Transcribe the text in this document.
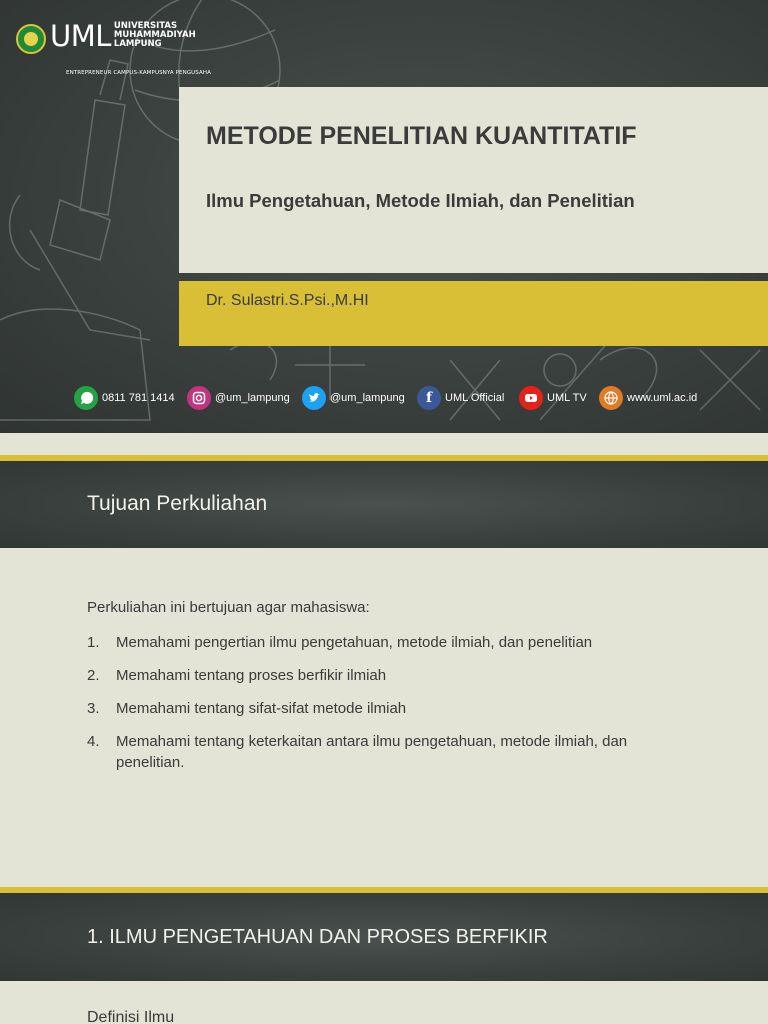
UML UNIVERSITAS
MUHAMMADIYAH
LAMPUNG
ENTREPRENEUR CAMPUS-KAMPUSNYA PENGUSAHA
METODE PENELITIAN KUANTITATIF
Ilmu Pengetahuan, Metode Ilmiah, dan Penelitian
Dr. Sulastri.S.Psi.,M.HI
0811 781 1414	@um_lampung	@um_lampung	f	UML Official	UML TV	www.uml.ac.id
Tujuan Perkuliahan

Perkuliahan ini bertujuan agar mahasiswa:

1. Memahami pengertian ilmu pengetahuan, metode ilmiah, dan penelitian
2. Memahami tentang proses berfikir ilmiah
3. Memahami tentang sifat-sifat metode ilmiah
4. Memahami tentang keterkaitan antara ilmu pengetahuan, metode ilmiah, dan penelitian.
1. ILMU PENGETAHUAN DAN PROSES BERFIKIR
Definisi Ilmu
